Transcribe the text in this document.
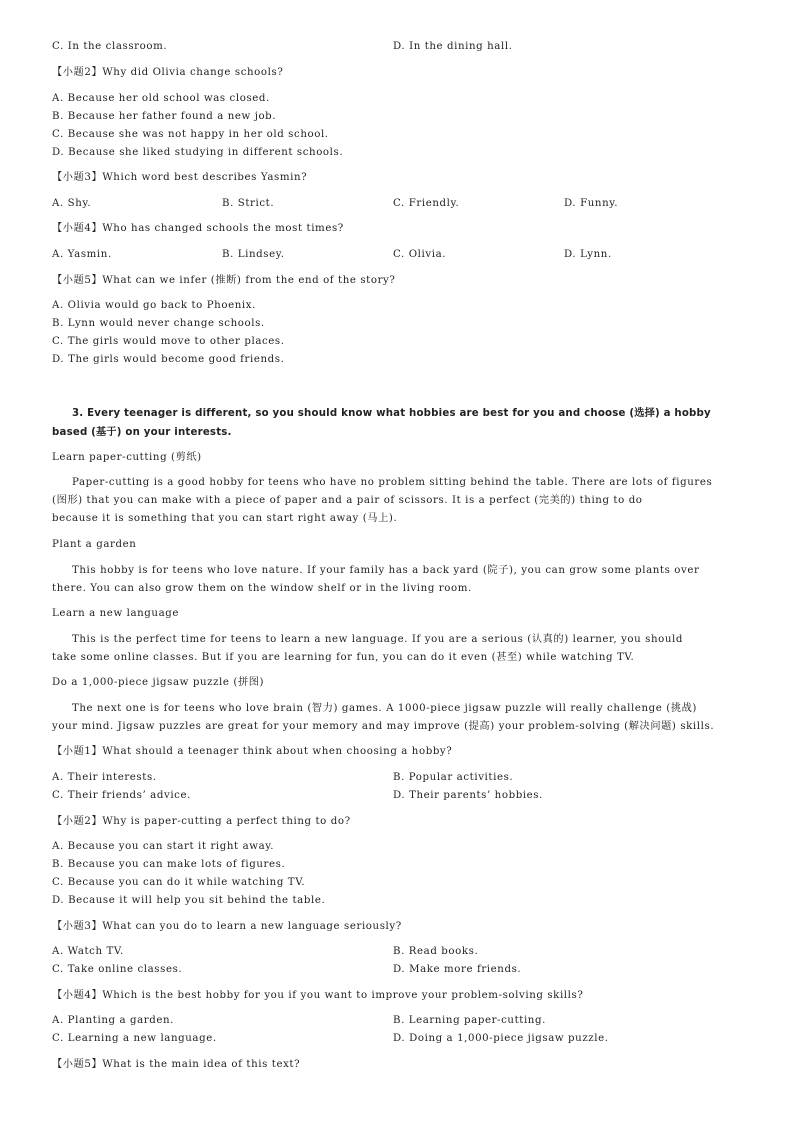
C. In the classroom.	D. In the dining hall.
【小题2】Why did Olivia change schools?
A. Because her old school was closed.
B. Because her father found a new job.
C. Because she was not happy in her old school.
D. Because she liked studying in different schools.
【小题3】Which word best describes Yasmin?
A. Shy.	B. Strict.	C. Friendly.	D. Funny.
【小题4】Who has changed schools the most times?
A. Yasmin.	B. Lindsey.	C. Olivia.	D. Lynn.
【小题5】What can we infer (推断) from the end of the story?
A. Olivia would go back to Phoenix.
B. Lynn would never change schools.
C. The girls would move to other places.
D. The girls would become good friends.
3. Every teenager is different, so you should know what hobbies are best for you and choose (选择) a hobby
based (基于) on your interests.
Learn paper-cutting (剪纸)
Paper-cutting is a good hobby for teens who have no problem sitting behind the table. There are lots of figures
(图形) that you can make with a piece of paper and a pair of scissors. It is a perfect (完美的) thing to do
because it is something that you can start right away (马上).
Plant a garden
This hobby is for teens who love nature. If your family has a back yard (院子), you can grow some plants over
there. You can also grow them on the window shelf or in the living room.
Learn a new language
This is the perfect time for teens to learn a new language. If you are a serious (认真的) learner, you should
take some online classes. But if you are learning for fun, you can do it even (甚至) while watching TV.
Do a 1,000-piece jigsaw puzzle (拼图)
The next one is for teens who love brain (智力) games. A 1000-piece jigsaw puzzle will really challenge (挑战)
your mind. Jigsaw puzzles are great for your memory and may improve (提高) your problem-solving (解决问题) skills.
【小题1】What should a teenager think about when choosing a hobby?
A. Their interests.	B. Popular activities.
C. Their friends’ advice.	D. Their parents’ hobbies.
【小题2】Why is paper-cutting a perfect thing to do?
A. Because you can start it right away.
B. Because you can make lots of figures.
C. Because you can do it while watching TV.
D. Because it will help you sit behind the table.
【小题3】What can you do to learn a new language seriously?
A. Watch TV.	B. Read books.
C. Take online classes.	D. Make more friends.
【小题4】Which is the best hobby for you if you want to improve your problem-solving skills?
A. Planting a garden.	B. Learning paper-cutting.
C. Learning a new language.	D. Doing a 1,000-piece jigsaw puzzle.
【小题5】What is the main idea of this text?
